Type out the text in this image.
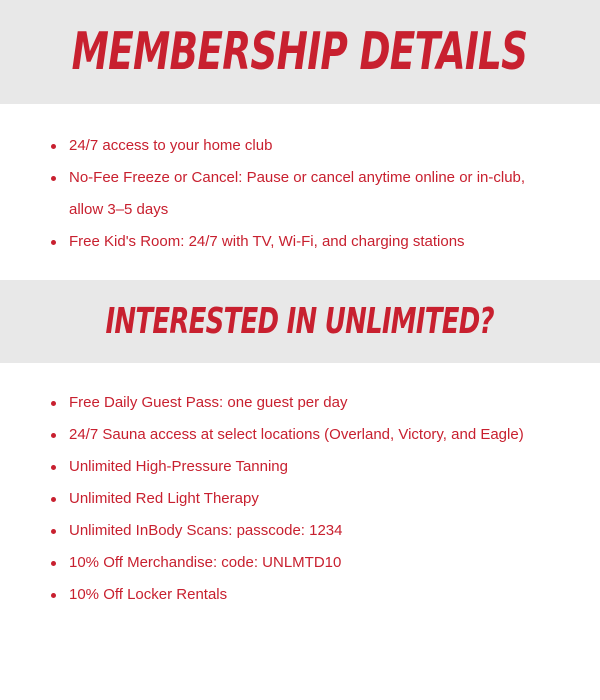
MEMBERSHIP DETAILS
24/7 access to your home club
No-Fee Freeze or Cancel: Pause or cancel anytime online or in-club, allow 3–5 days
Free Kid's Room: 24/7 with TV, Wi-Fi, and charging stations
INTERESTED IN UNLIMITED?
Free Daily Guest Pass: one guest per day
24/7 Sauna access at select locations (Overland, Victory, and Eagle)
Unlimited High-Pressure Tanning
Unlimited Red Light Therapy
Unlimited InBody Scans: passcode: 1234
10% Off Merchandise: code: UNLMTD10
10% Off Locker Rentals
